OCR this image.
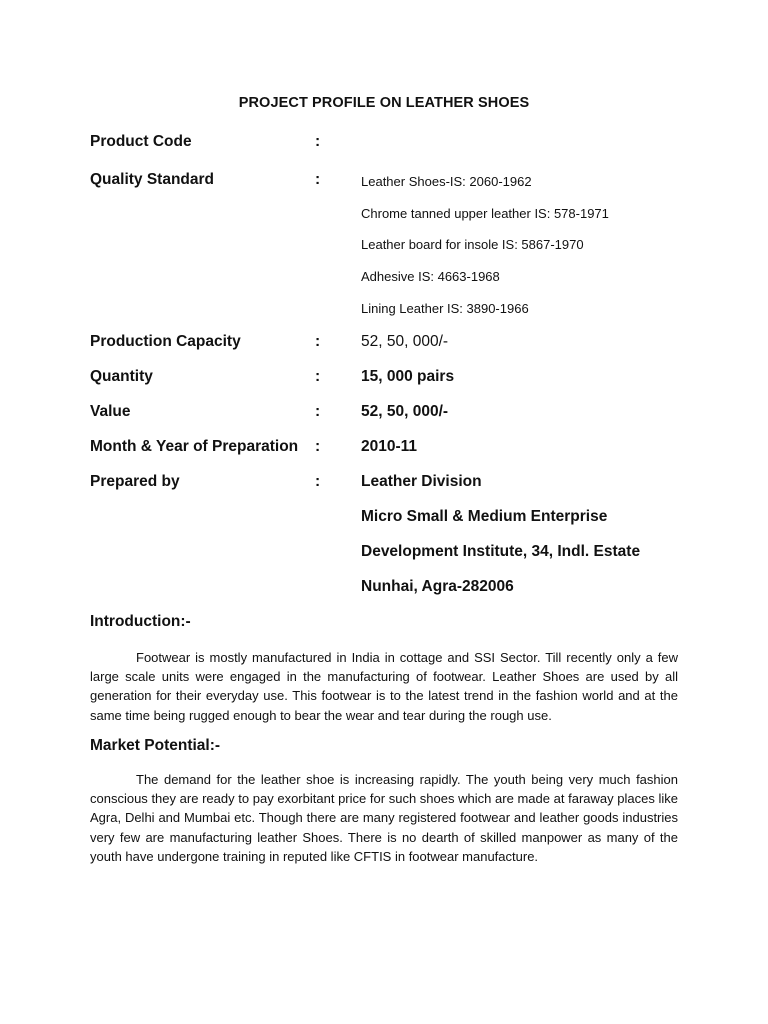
PROJECT PROFILE ON LEATHER SHOES
Product Code	:
Quality Standard	:	Leather Shoes-IS: 2060-1962
Chrome tanned upper leather IS: 578-1971
Leather board for insole IS: 5867-1970
Adhesive IS: 4663-1968
Lining Leather IS: 3890-1966
Production Capacity	:	52, 50, 000/-
Quantity	:	15, 000 pairs
Value	:	52, 50, 000/-
Month & Year of Preparation :	2010-11
Prepared by	:	Leather Division
Micro Small & Medium Enterprise
Development Institute, 34, Indl. Estate
Nunhai, Agra-282006
Introduction:-

Footwear is mostly manufactured in India in cottage and SSI Sector. Till recently only a few large scale units were engaged in the manufacturing of footwear. Leather Shoes are used by all generation for their everyday use. This footwear is to the latest trend in the fashion world and at the same time being rugged enough to bear the wear and tear during the rough use.

Market Potential:-

The demand for the leather shoe is increasing rapidly. The youth being very much fashion conscious they are ready to pay exorbitant price for such shoes which are made at faraway places like Agra, Delhi and Mumbai etc. Though there are many registered footwear and leather goods industries very few are manufacturing leather Shoes. There is no dearth of skilled manpower as many of the youth have undergone training in reputed like CFTIS in footwear manufacture.
